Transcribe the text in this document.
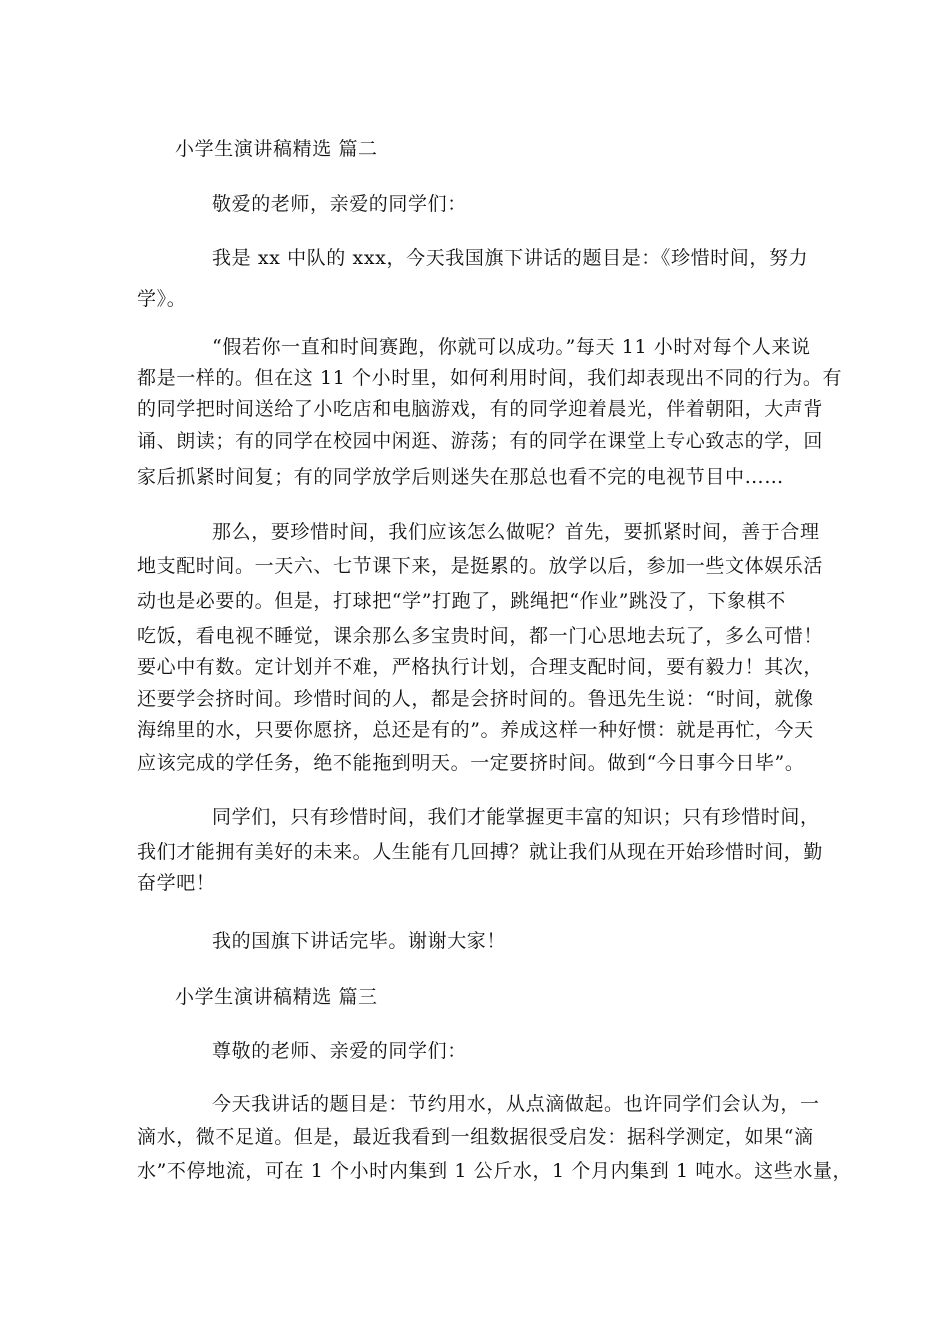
小学生演讲稿精选 篇二
敬爱的老师，亲爱的同学们：
我是 xx 中队的 xxx，今天我国旗下讲话的题目是：《珍惜时间，努力
学》。
“假若你一直和时间赛跑，你就可以成功。”每天 11 小时对每个人来说
都是一样的。但在这 11 个小时里，如何利用时间，我们却表现出不同的行为。有
的同学把时间送给了小吃店和电脑游戏，有的同学迎着晨光，伴着朝阳，大声背
诵、朗读；有的同学在校园中闲逛、游荡；有的同学在课堂上专心致志的学，回
家后抓紧时间复；有的同学放学后则迷失在那总也看不完的电视节目中……
那么，要珍惜时间，我们应该怎么做呢？首先，要抓紧时间，善于合理
地支配时间。一天六、七节课下来，是挺累的。放学以后，参加一些文体娱乐活
动也是必要的。但是，打球把“学”打跑了，跳绳把“作业”跳没了，下象棋不
吃饭，看电视不睡觉，课余那么多宝贵时间，都一门心思地去玩了，多么可惜！
要心中有数。定计划并不难，严格执行计划，合理支配时间，要有毅力！其次，
还要学会挤时间。珍惜时间的人，都是会挤时间的。鲁迅先生说：“时间，就像
海绵里的水，只要你愿挤，总还是有的”。养成这样一种好惯：就是再忙，今天
应该完成的学任务，绝不能拖到明天。一定要挤时间。做到“今日事今日毕”。
同学们，只有珍惜时间，我们才能掌握更丰富的知识；只有珍惜时间，
我们才能拥有美好的未来。人生能有几回搏？就让我们从现在开始珍惜时间，勤
奋学吧！
我的国旗下讲话完毕。谢谢大家！
小学生演讲稿精选 篇三
尊敬的老师、亲爱的同学们：
今天我讲话的题目是：节约用水，从点滴做起。也许同学们会认为，一
滴水，微不足道。但是，最近我看到一组数据很受启发：据科学测定，如果“滴
水”不停地流，可在 1 个小时内集到 1 公斤水，1 个月内集到 1 吨水。这些水量，
